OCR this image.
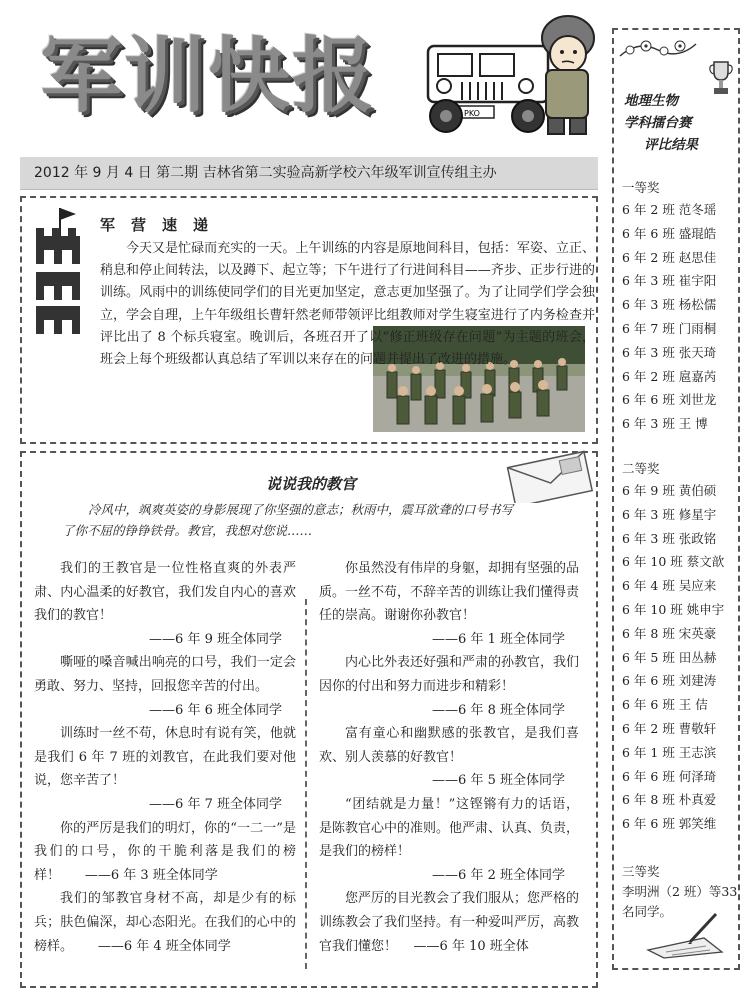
军训快报	PKO
2012 年 9 月 4 日 第二期 吉林省第二实验高新学校六年级军训宣传组主办
军营速递

今天又是忙碌而充实的一天。上午训练的内容是原地间科目，包括：军姿、立正、稍息和停止间转法，以及蹲下、起立等；下午进行了行进间科目——齐步、正步行进的训练。风雨中的训练使同学们的目光更加坚定，意志更加坚强了。为了让同学们学会独立，学会自理，上午年级组长曹轩然老师带领评比组教师对学生寝室进行了内务检查并评比出了 8 个标兵寝室。晚训后，各班召开了以“修正班级存在问题”为主题的班会，班会上每个班级都认真总结了军训以来存在的问题并提出了改进的措施。

说说我的教官

冷风中，飒爽英姿的身影展现了你坚强的意志；秋雨中，震耳欲聋的口号书写了你不屈的铮铮铁骨。教官，我想对您说……

我们的王教官是一位性格直爽的外表严肃、内心温柔的好教官，我们发自内心的喜欢我们的教官！

——6 年 9 班全体同学

嘶哑的嗓音喊出响亮的口号，我们一定会勇敢、努力、坚持，回报您辛苦的付出。

——6 年 6 班全体同学

训练时一丝不苟，休息时有说有笑，他就是我们 6 年 7 班的刘教官，在此我们要对他说，您辛苦了！

——6 年 7 班全体同学

你的严厉是我们的明灯，你的“一二一”是我们的口号，你的干脆利落是我们的榜样！ ——6 年 3 班全体同学

我们的邹教官身材不高，却是少有的标兵；肤色偏深，却心态阳光。在我们的心中的榜样。 ——6 年 4 班全体同学

你虽然没有伟岸的身躯，却拥有坚强的品质。一丝不苟，不辞辛苦的训练让我们懂得责任的崇高。谢谢你孙教官！

——6 年 1 班全体同学

内心比外表还好强和严肃的孙教官，我们因你的付出和努力而进步和精彩！

——6 年 8 班全体同学

富有童心和幽默感的张教官，是我们喜欢、别人羡慕的好教官！

——6 年 5 班全体同学

“团结就是力量！”这铿锵有力的话语，是陈教官心中的准则。他严肃、认真、负责，是我们的榜样！

——6 年 2 班全体同学

您严厉的目光教会了我们服从；您严格的训练教会了我们坚持。有一种爱叫严厉，高教官我们懂您！ ——6 年 10 班全体

地理生物
学科擂台赛
评比结果
一等奖
6 年 2 班 范冬瑶
6 年 6 班 盛琨皓
6 年 2 班 赵思佳
6 年 3 班 崔宇阳
6 年 3 班 杨松儒
6 年 7 班 门雨桐
6 年 3 班 张天琦
6 年 2 班 扈嘉芮
6 年 6 班 刘世龙
6 年 3 班 王 博
二等奖
6 年 9 班 黄伯硕
6 年 3 班 修星宇
6 年 3 班 张政铭
6 年 10 班 蔡文歆
6 年 4 班 吴应来
6 年 10 班 姚申宇
6 年 8 班 宋英豪
6 年 5 班 田丛赫
6 年 6 班 刘建涛
6 年 6 班 王 佶
6 年 2 班 曹敬轩
6 年 1 班 王志滨
6 年 6 班 何泽琦
6 年 8 班 朴真爱
6 年 6 班 郭笑维
三等奖
李明洲（2 班）等33名同学。
